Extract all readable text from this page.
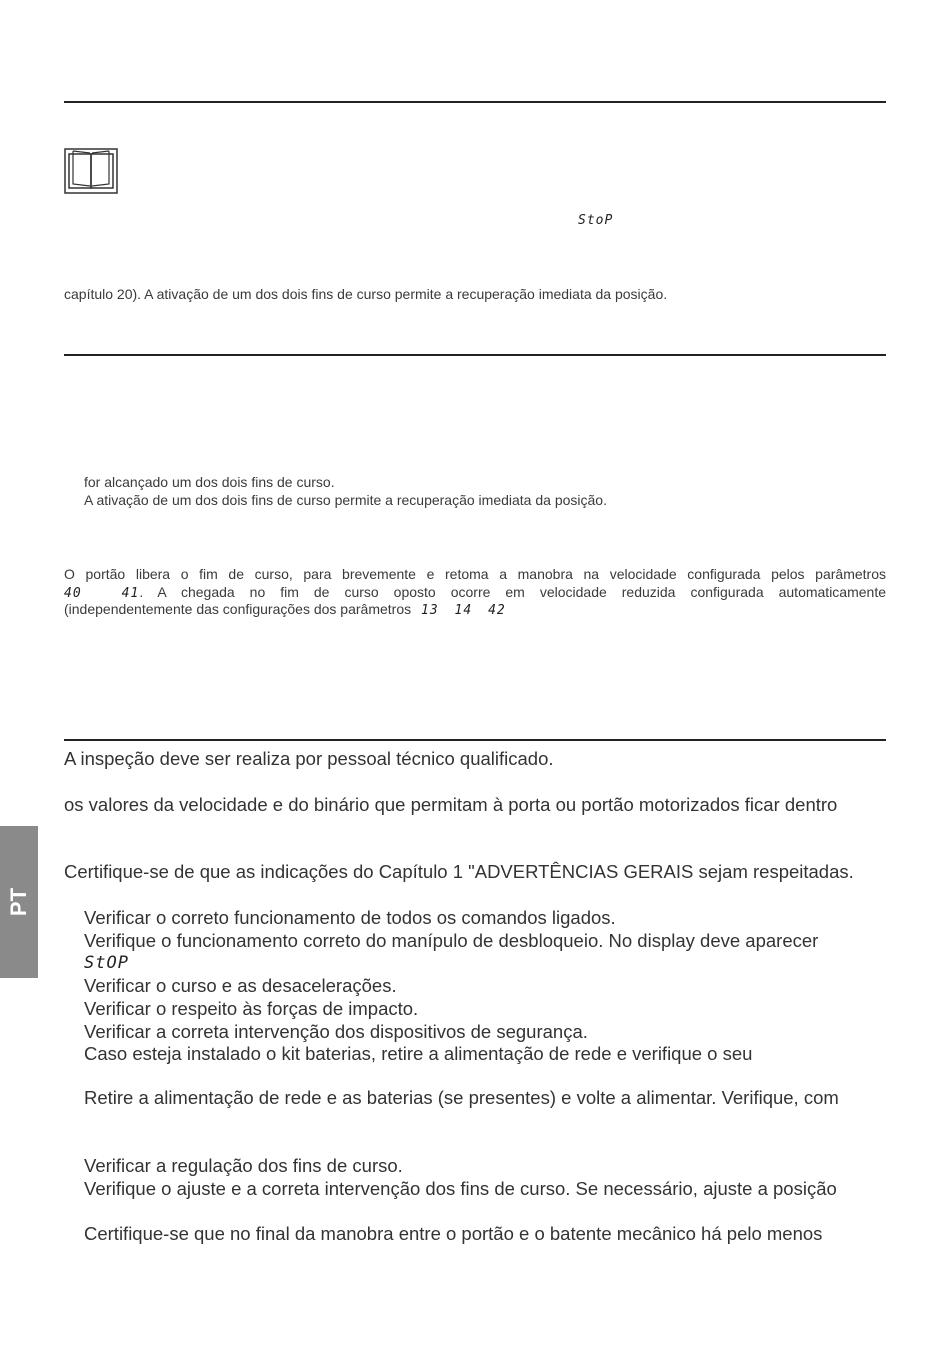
StoP
capítulo 20). A ativação de um dos dois fins de curso permite a recuperação imediata da posição.
for alcançado um dos dois fins de curso.
A ativação de um dos dois fins de curso permite a recuperação imediata da posição.
O portão libera o fim de curso, para brevemente e retoma a manobra na velocidade configurada pelos parâmetros
40	41. A chegada no fim de curso oposto ocorre em velocidade reduzida configurada automaticamente
(independentemente das configurações dos parâmetros 13 14 42
A inspeção deve ser realiza por pessoal técnico qualificado.
os valores da velocidade e do binário que permitam à porta ou portão motorizados ficar dentro
Certifique-se de que as indicações do Capítulo 1 "ADVERTÊNCIAS GERAIS sejam respeitadas.
Verificar o correto funcionamento de todos os comandos ligados.
Verifique o funcionamento correto do manípulo de desbloqueio. No display deve aparecer
StOP
Verificar o curso e as desacelerações.
Verificar o respeito às forças de impacto.
Verificar a correta intervenção dos dispositivos de segurança.
Caso esteja instalado o kit baterias, retire a alimentação de rede e verifique o seu
Retire a alimentação de rede e as baterias (se presentes) e volte a alimentar. Verifique, com
Verificar a regulação dos fins de curso.
Verifique o ajuste e a correta intervenção dos fins de curso. Se necessário, ajuste a posição
Certifique-se que no final da manobra entre o portão e o batente mecânico há pelo menos
PT
